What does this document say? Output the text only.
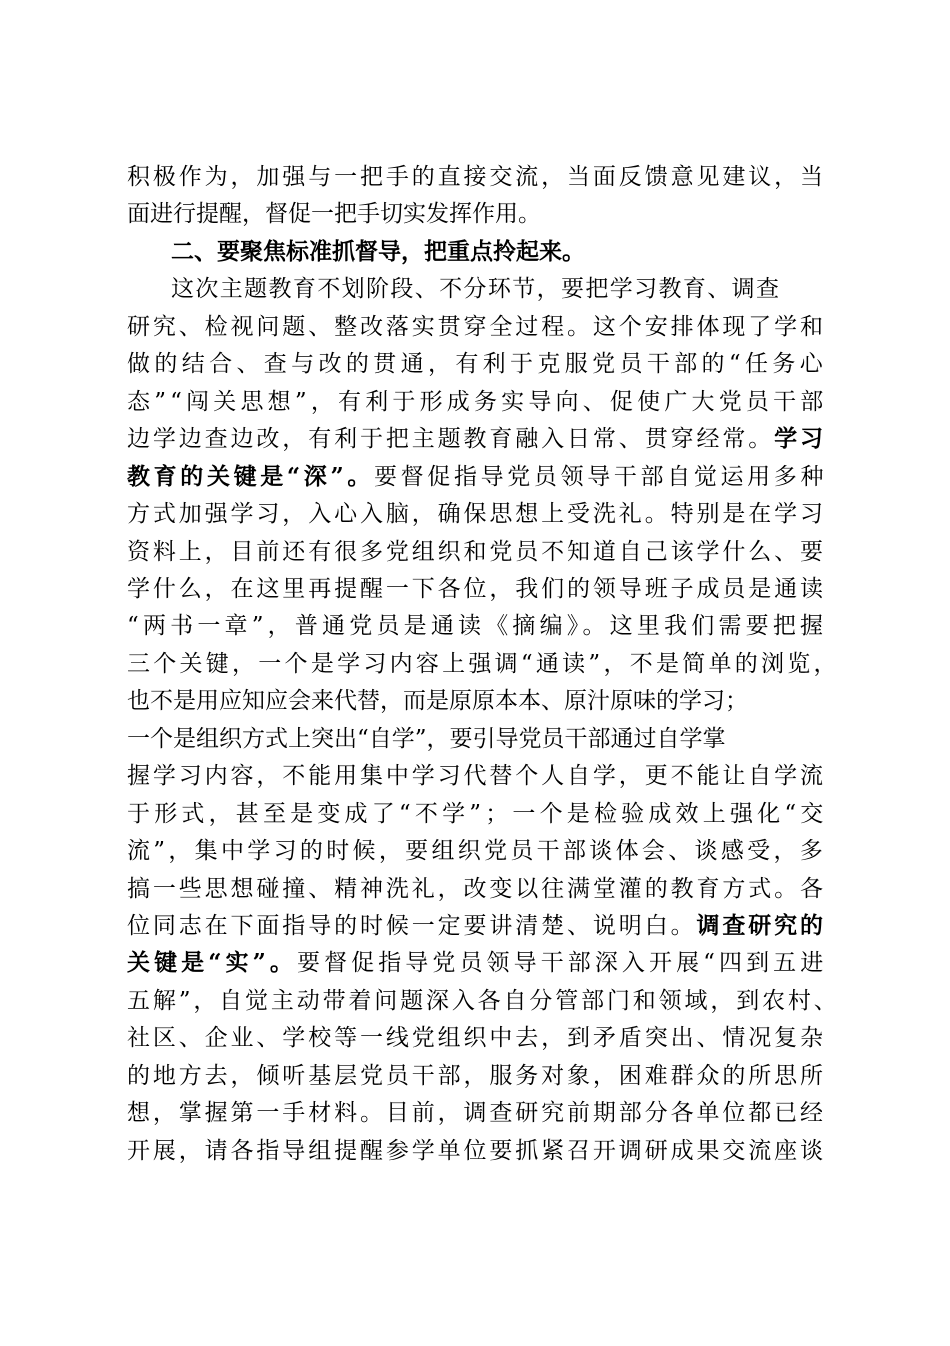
积极作为，加强与一把手的直接交流，当面反馈意见建议，当
面进行提醒，督促一把手切实发挥作用。
二、要聚焦标准抓督导，把重点拎起来。
这次主题教育不划阶段、不分环节，要把学习教育、调查
研究、检视问题、整改落实贯穿全过程。这个安排体现了学和
做的结合、查与改的贯通，有利于克服党员干部的“任务心
态”“闯关思想”，有利于形成务实导向、促使广大党员干部
边学边查边改，有利于把主题教育融入日常、贯穿经常。学习
教育的关键是“深”。要督促指导党员领导干部自觉运用多种
方式加强学习，入心入脑，确保思想上受洗礼。特别是在学习
资料上，目前还有很多党组织和党员不知道自己该学什么、要
学什么，在这里再提醒一下各位，我们的领导班子成员是通读
“两书一章”，普通党员是通读《摘编》。这里我们需要把握
三个关键，一个是学习内容上强调“通读”，不是简单的浏览，
也不是用应知应会来代替，而是原原本本、原汁原味的学习；
一个是组织方式上突出“自学”，要引导党员干部通过自学掌
握学习内容，不能用集中学习代替个人自学，更不能让自学流
于形式，甚至是变成了“不学”；一个是检验成效上强化“交
流”，集中学习的时候，要组织党员干部谈体会、谈感受，多
搞一些思想碰撞、精神洗礼，改变以往满堂灌的教育方式。各
位同志在下面指导的时候一定要讲清楚、说明白。调查研究的
关键是“实”。要督促指导党员领导干部深入开展“四到五进
五解”，自觉主动带着问题深入各自分管部门和领域，到农村、
社区、企业、学校等一线党组织中去，到矛盾突出、情况复杂
的地方去，倾听基层党员干部，服务对象，困难群众的所思所
想，掌握第一手材料。目前，调查研究前期部分各单位都已经
开展，请各指导组提醒参学单位要抓紧召开调研成果交流座谈
